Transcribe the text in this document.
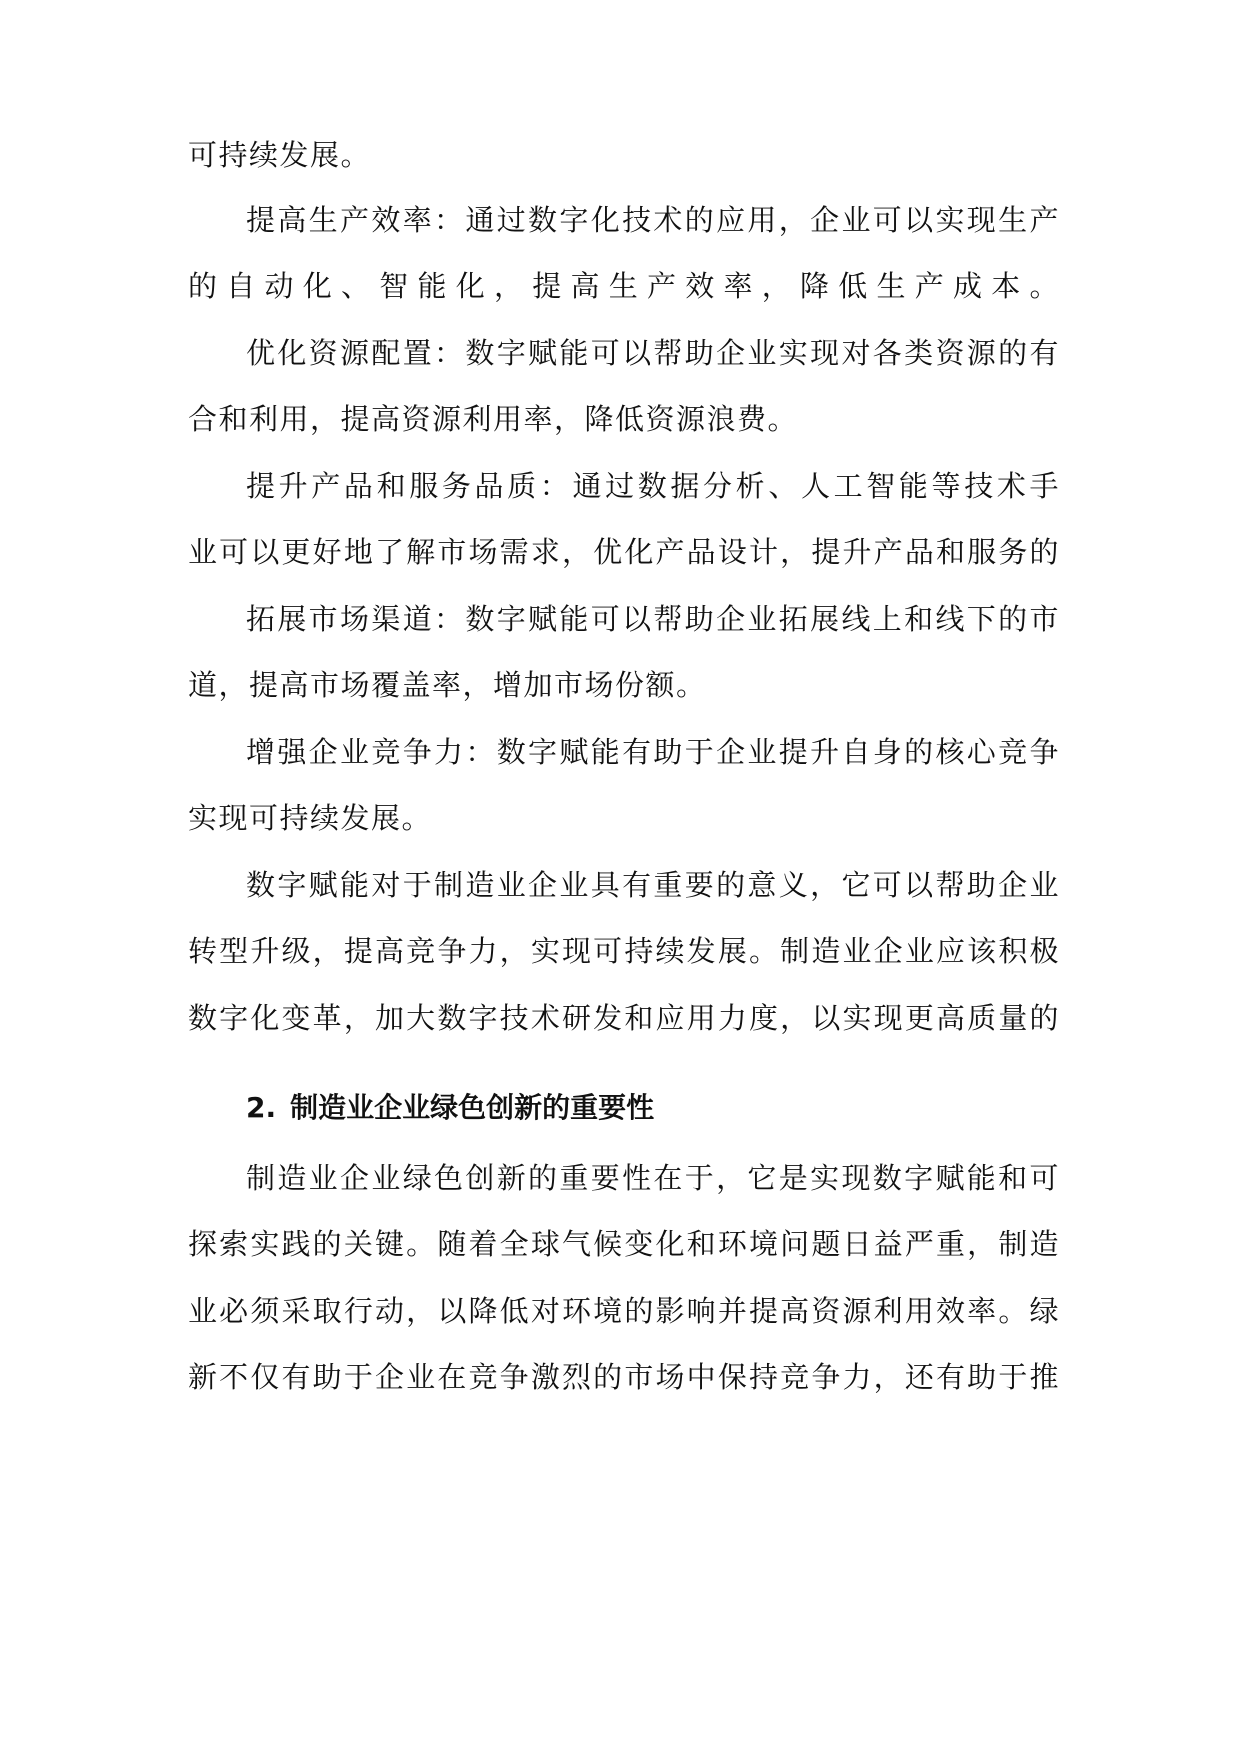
可持续发展。
提高生产效率：通过数字化技术的应用，企业可以实现生产
的自动化、智能化，提高生产效率，降低生产成本。
优化资源配置：数字赋能可以帮助企业实现对各类资源的有
合和利用，提高资源利用率，降低资源浪费。
提升产品和服务品质：通过数据分析、人工智能等技术手
业可以更好地了解市场需求，优化产品设计，提升产品和服务的
拓展市场渠道：数字赋能可以帮助企业拓展线上和线下的市
道，提高市场覆盖率，增加市场份额。
增强企业竞争力：数字赋能有助于企业提升自身的核心竞争
实现可持续发展。
数字赋能对于制造业企业具有重要的意义，它可以帮助企业
转型升级，提高竞争力，实现可持续发展。制造业企业应该积极
数字化变革，加大数字技术研发和应用力度，以实现更高质量的
2. 制造业企业绿色创新的重要性
制造业企业绿色创新的重要性在于，它是实现数字赋能和可
探索实践的关键。随着全球气候变化和环境问题日益严重，制造
业必须采取行动，以降低对环境的影响并提高资源利用效率。绿
新不仅有助于企业在竞争激烈的市场中保持竞争力，还有助于推
